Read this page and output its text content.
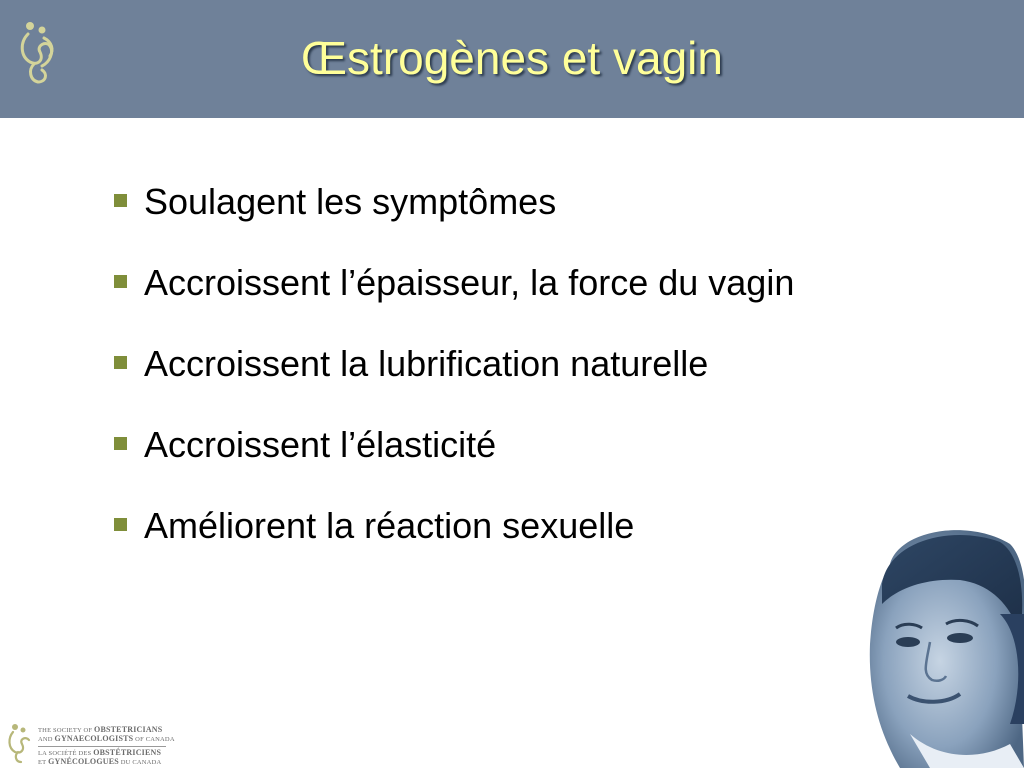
Œstrogènes et vagin
Soulagent les symptômes
Accroissent l’épaisseur, la force du vagin
Accroissent la lubrification naturelle
Accroissent l’élasticité
Améliorent la réaction sexuelle
THE SOCIETY OF OBSTETRICIANS
AND GYNAECOLOGISTS OF CANADA
LA SOCIÉTÉ DES OBSTÉTRICIENS
ET GYNÉCOLOGUES DU CANADA
